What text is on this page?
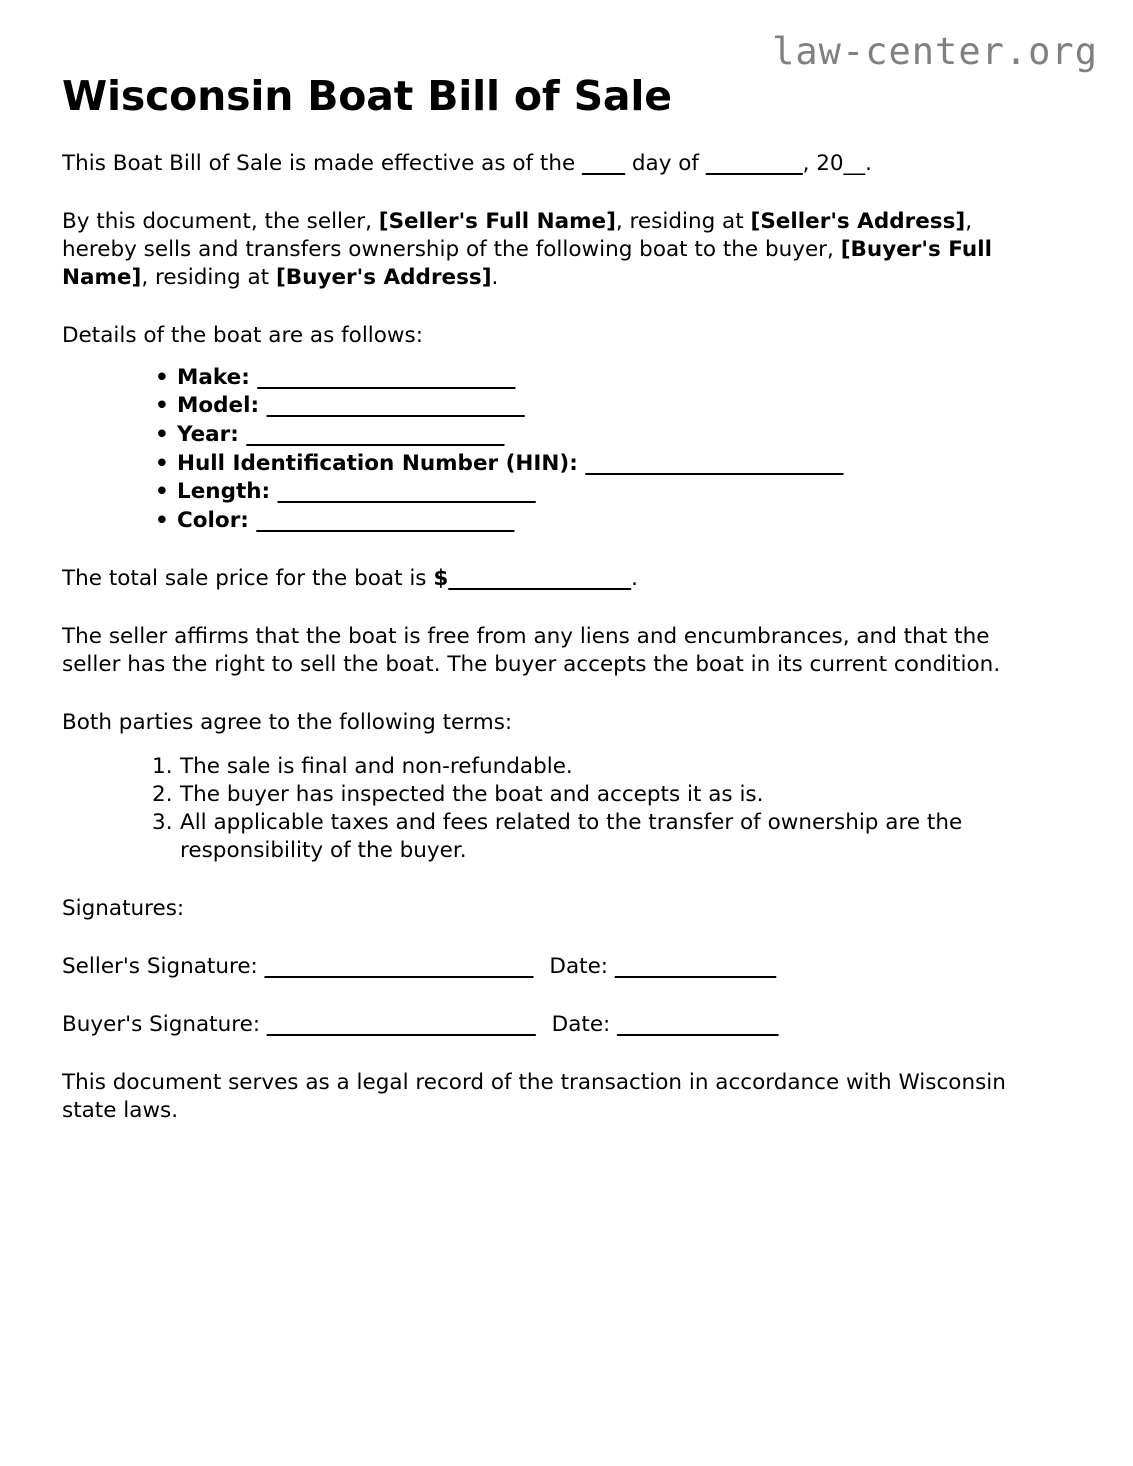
law-center.org
Wisconsin Boat Bill of Sale

This Boat Bill of Sale is made effective as of the ____ day of _________, 20__.

By this document, the seller, [Seller's Full Name], residing at [Seller's Address], hereby sells and transfers ownership of the following boat to the buyer, [Buyer's Full Name], residing at [Buyer's Address].

Details of the boat are as follows:

• Make: ________________________
• Model: ________________________
• Year: ________________________
• Hull Identification Number (HIN): ________________________
• Length: ________________________
• Color: ________________________

The total sale price for the boat is $_________________.

The seller affirms that the boat is free from any liens and encumbrances, and that the seller has the right to sell the boat. The buyer accepts the boat in its current condition.

Both parties agree to the following terms:

The sale is final and non-refundable.
The buyer has inspected the boat and accepts it as is.
All applicable taxes and fees related to the transfer of ownership are the responsibility of the buyer.

Signatures:

Seller's Signature: _________________________ Date: _______________
Buyer's Signature: _________________________ Date: _______________

This document serves as a legal record of the transaction in accordance with Wisconsin state laws.
